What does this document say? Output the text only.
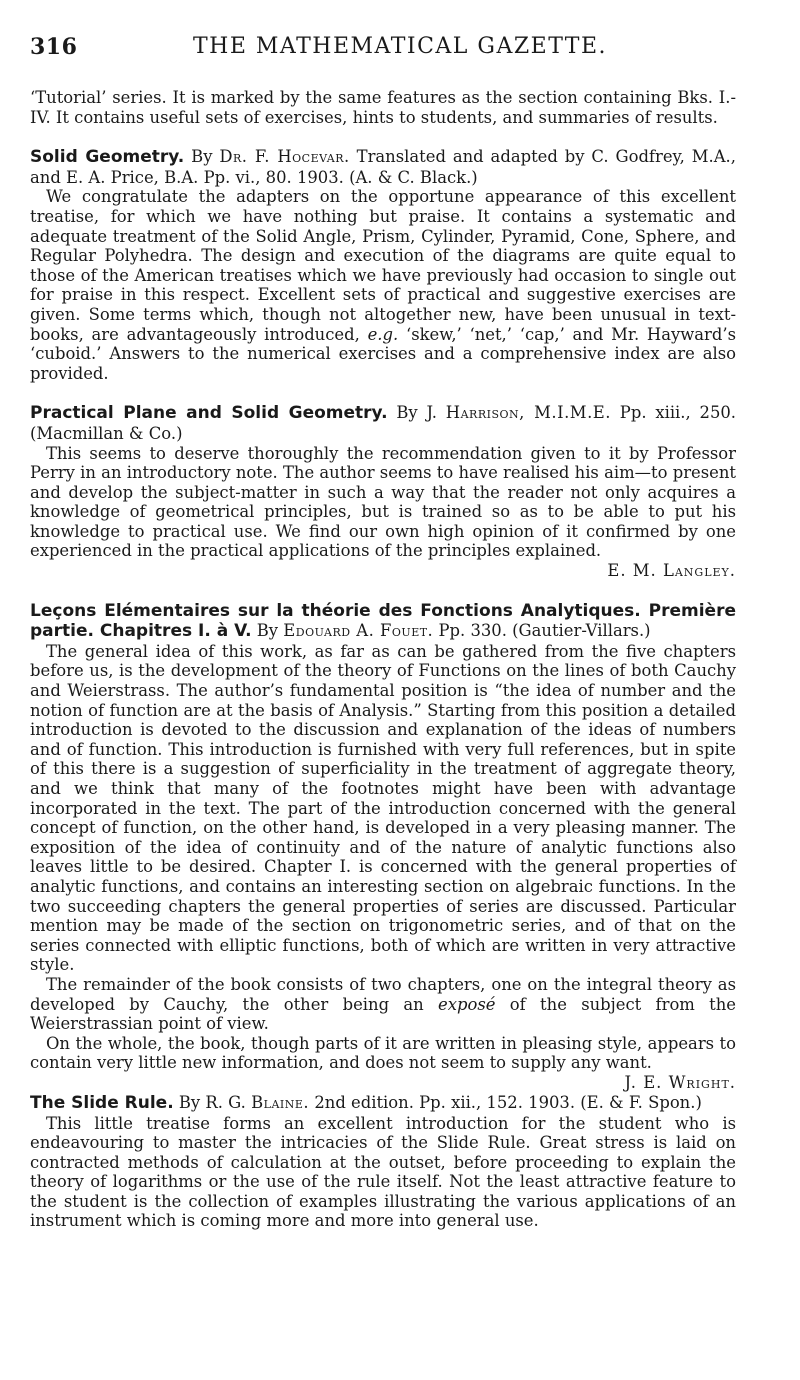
316	THE MATHEMATICAL GAZETTE.

‘Tutorial’ series. It is marked by the same features as the section containing Bks. I.-IV. It contains useful sets of exercises, hints to students, and summaries of results.

Solid Geometry. By Dr. F. Hocevar. Translated and adapted by C. Godfrey, M.A., and E. A. Price, B.A. Pp. vi., 80. 1903. (A. & C. Black.)

We congratulate the adapters on the opportune appearance of this excellent treatise, for which we have nothing but praise. It contains a systematic and adequate treatment of the Solid Angle, Prism, Cylinder, Pyramid, Cone, Sphere, and Regular Polyhedra. The design and execution of the diagrams are quite equal to those of the American treatises which we have previously had occasion to single out for praise in this respect. Excellent sets of practical and suggestive exercises are given. Some terms which, though not altogether new, have been unusual in text-books, are advantageously introduced, e.g. ‘skew,’ ‘net,’ ‘cap,’ and Mr. Hayward’s ‘cuboid.’ Answers to the numerical exercises and a comprehensive index are also provided.

Practical Plane and Solid Geometry. By J. Harrison, M.I.M.E. Pp. xiii., 250. (Macmillan & Co.)

This seems to deserve thoroughly the recommendation given to it by Professor Perry in an introductory note. The author seems to have realised his aim—to present and develop the subject-matter in such a way that the reader not only acquires a knowledge of geometrical principles, but is trained so as to be able to put his knowledge to practical use. We find our own high opinion of it confirmed by one experienced in the practical applications of the principles explained.

E. M. Langley.

Leçons Elémentaires sur la théorie des Fonctions Analytiques. Première partie. Chapitres I. à V. By Edouard A. Fouet. Pp. 330. (Gautier-Villars.)

The general idea of this work, as far as can be gathered from the five chapters before us, is the development of the theory of Functions on the lines of both Cauchy and Weierstrass. The author’s fundamental position is “the idea of number and the notion of function are at the basis of Analysis.” Starting from this position a detailed introduction is devoted to the discussion and explanation of the ideas of numbers and of function. This introduction is furnished with very full references, but in spite of this there is a suggestion of superficiality in the treatment of aggregate theory, and we think that many of the footnotes might have been with advantage incorporated in the text. The part of the introduction concerned with the general concept of function, on the other hand, is developed in a very pleasing manner. The exposition of the idea of continuity and of the nature of analytic functions also leaves little to be desired. Chapter I. is concerned with the general properties of analytic functions, and contains an interesting section on algebraic functions. In the two succeeding chapters the general properties of series are discussed. Particular mention may be made of the section on trigonometric series, and of that on the series connected with elliptic functions, both of which are written in very attractive style.

The remainder of the book consists of two chapters, one on the integral theory as developed by Cauchy, the other being an exposé of the subject from the Weierstrassian point of view.

On the whole, the book, though parts of it are written in pleasing style, appears to contain very little new information, and does not seem to supply any want.
J. E. Wright.

The Slide Rule. By R. G. Blaine. 2nd edition. Pp. xii., 152. 1903. (E. & F. Spon.)

This little treatise forms an excellent introduction for the student who is endeavouring to master the intricacies of the Slide Rule. Great stress is laid on contracted methods of calculation at the outset, before proceeding to explain the theory of logarithms or the use of the rule itself. Not the least attractive feature to the student is the collection of examples illustrating the various applications of an instrument which is coming more and more into general use.
